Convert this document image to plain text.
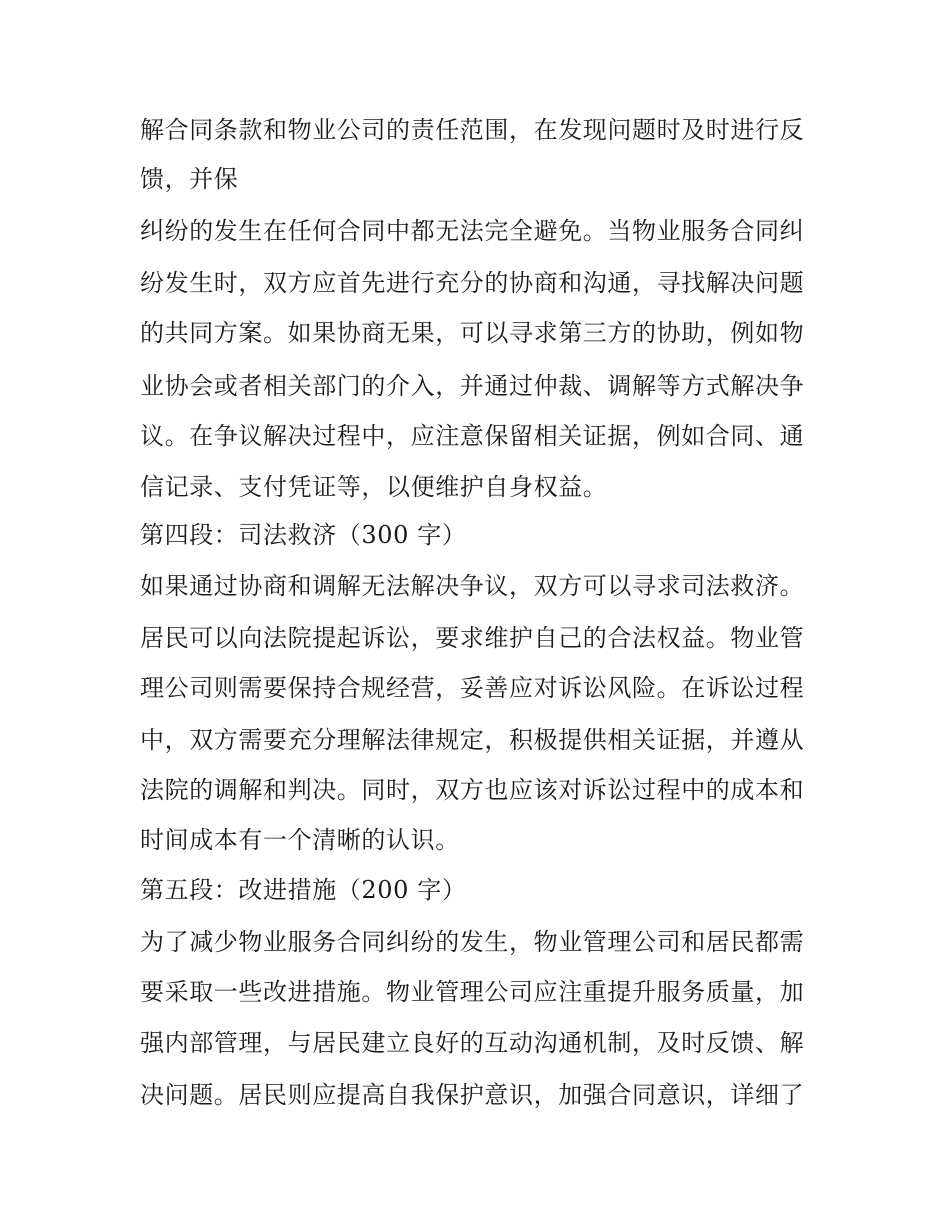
解合同条款和物业公司的责任范围，在发现问题时及时进行反

馈，并保

纠纷的发生在任何合同中都无法完全避免。当物业服务合同纠

纷发生时，双方应首先进行充分的协商和沟通，寻找解决问题

的共同方案。如果协商无果，可以寻求第三方的协助，例如物

业协会或者相关部门的介入，并通过仲裁、调解等方式解决争

议。在争议解决过程中，应注意保留相关证据，例如合同、通

信记录、支付凭证等，以便维护自身权益。

第四段：司法救济（300 字）

如果通过协商和调解无法解决争议，双方可以寻求司法救济。

居民可以向法院提起诉讼，要求维护自己的合法权益。物业管

理公司则需要保持合规经营，妥善应对诉讼风险。在诉讼过程

中，双方需要充分理解法律规定，积极提供相关证据，并遵从

法院的调解和判决。同时，双方也应该对诉讼过程中的成本和

时间成本有一个清晰的认识。

第五段：改进措施（200 字）

为了减少物业服务合同纠纷的发生，物业管理公司和居民都需

要采取一些改进措施。物业管理公司应注重提升服务质量，加

强内部管理，与居民建立良好的互动沟通机制，及时反馈、解

决问题。居民则应提高自我保护意识，加强合同意识，详细了
